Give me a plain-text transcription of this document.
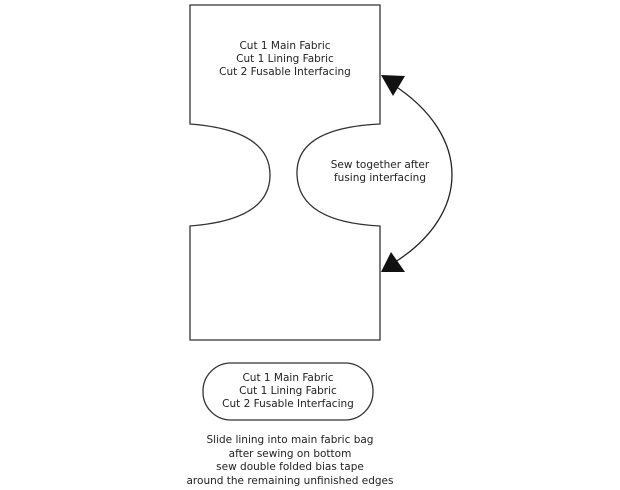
Cut 1 Main Fabric
Cut 1 Lining Fabric
Cut 2 Fusable Interfacing
Sew together after
fusing interfacing
Cut 1 Main Fabric
Cut 1 Lining Fabric
Cut 2 Fusable Interfacing
Slide lining into main fabric bag
after sewing on bottom
sew double folded bias tape
around the remaining unfinished edges
